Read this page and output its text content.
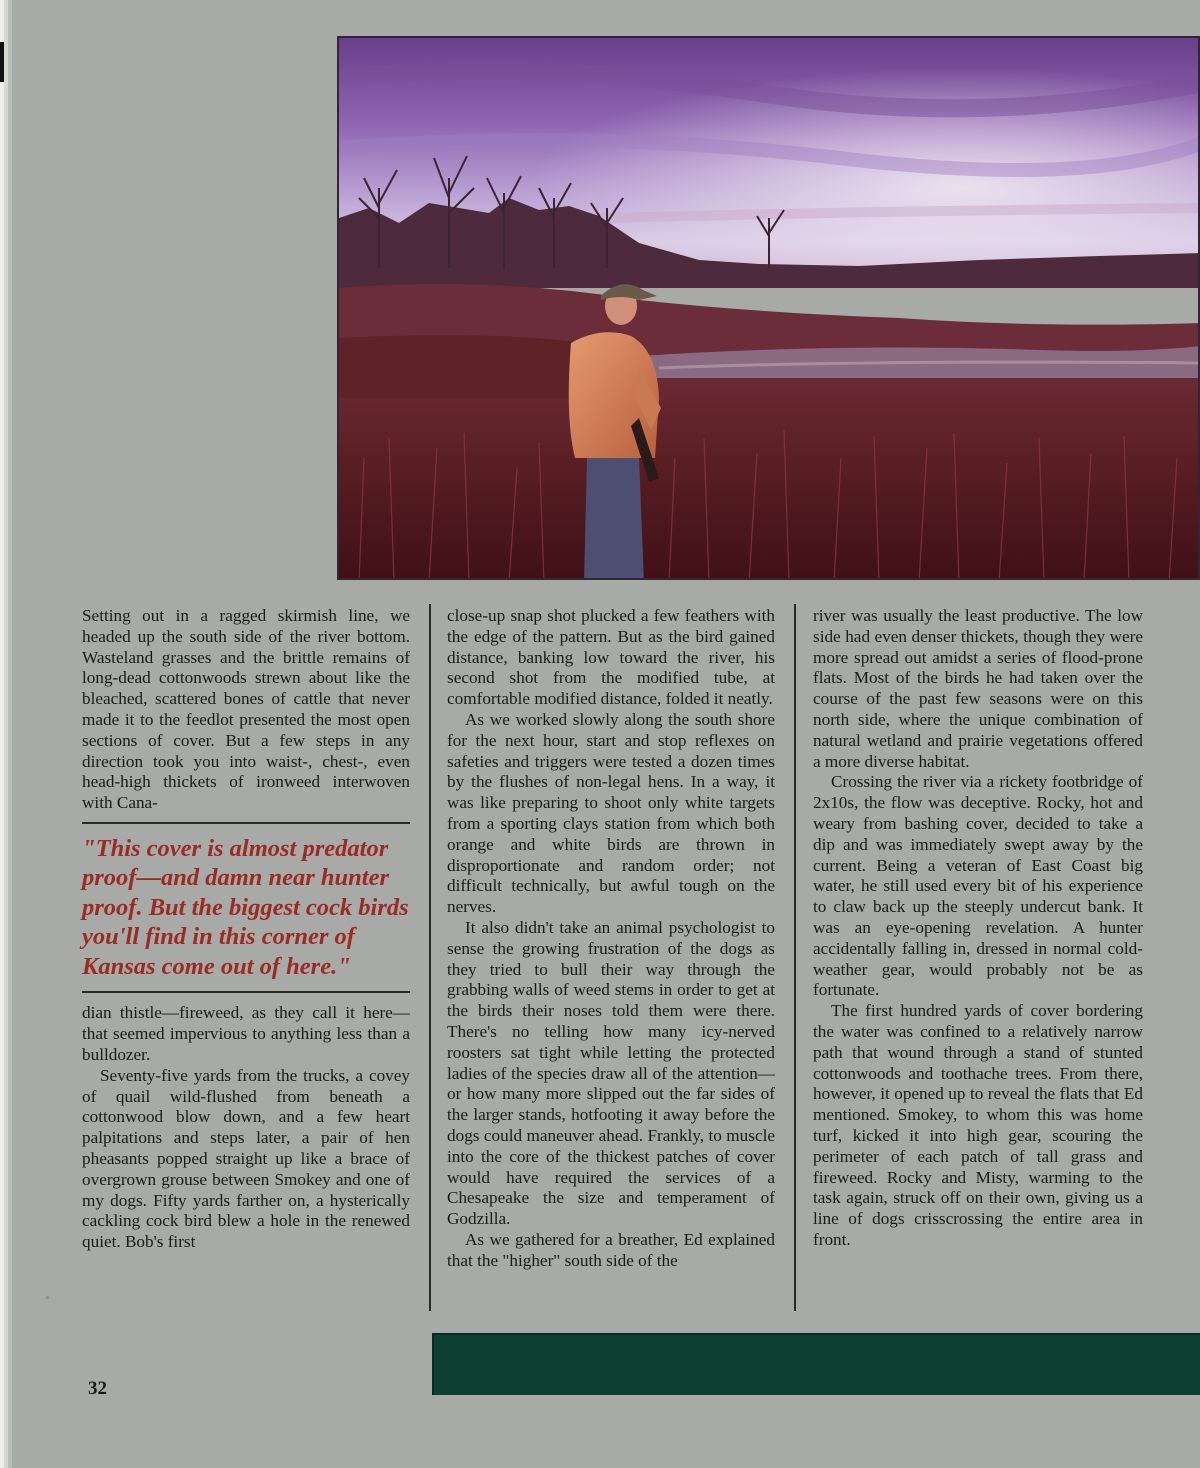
Setting out in a ragged skirmish line, we headed up the south side of the river bottom. Wasteland grasses and the brittle remains of long-dead cottonwoods strewn about like the bleached, scattered bones of cattle that never made it to the feedlot presented the most open sections of cover. But a few steps in any direction took you into waist-, chest-, even head-high thickets of ironweed interwoven with Cana-

"This cover is almost predator proof—and damn near hunter proof. But the biggest cock birds you'll find in this corner of Kansas come out of here."

dian thistle—fireweed, as they call it here—that seemed impervious to anything less than a bulldozer.

Seventy-five yards from the trucks, a covey of quail wild-flushed from beneath a cottonwood blow down, and a few heart palpitations and steps later, a pair of hen pheasants popped straight up like a brace of overgrown grouse between Smokey and one of my dogs. Fifty yards farther on, a hysterically cackling cock bird blew a hole in the renewed quiet. Bob's first

close-up snap shot plucked a few feathers with the edge of the pattern. But as the bird gained distance, banking low toward the river, his second shot from the modified tube, at comfortable modified distance, folded it neatly.

As we worked slowly along the south shore for the next hour, start and stop reflexes on safeties and triggers were tested a dozen times by the flushes of non-legal hens. In a way, it was like preparing to shoot only white targets from a sporting clays station from which both orange and white birds are thrown in disproportionate and random order; not difficult technically, but awful tough on the nerves.

It also didn't take an animal psychologist to sense the growing frustration of the dogs as they tried to bull their way through the grabbing walls of weed stems in order to get at the birds their noses told them were there. There's no telling how many icy-nerved roosters sat tight while letting the protected ladies of the species draw all of the attention—or how many more slipped out the far sides of the larger stands, hotfooting it away before the dogs could maneuver ahead. Frankly, to muscle into the core of the thickest patches of cover would have required the services of a Chesapeake the size and temperament of Godzilla.

As we gathered for a breather, Ed explained that the "higher" south side of the

river was usually the least productive. The low side had even denser thickets, though they were more spread out amidst a series of flood-prone flats. Most of the birds he had taken over the course of the past few seasons were on this north side, where the unique combination of natural wetland and prairie vegetations offered a more diverse habitat.

Crossing the river via a rickety footbridge of 2x10s, the flow was deceptive. Rocky, hot and weary from bashing cover, decided to take a dip and was immediately swept away by the current. Being a veteran of East Coast big water, he still used every bit of his experience to claw back up the steeply undercut bank. It was an eye-opening revelation. A hunter accidentally falling in, dressed in normal cold-weather gear, would probably not be as fortunate.

The first hundred yards of cover bordering the water was confined to a relatively narrow path that wound through a stand of stunted cottonwoods and toothache trees. From there, however, it opened up to reveal the flats that Ed mentioned. Smokey, to whom this was home turf, kicked it into high gear, scouring the perimeter of each patch of tall grass and fireweed. Rocky and Misty, warming to the task again, struck off on their own, giving us a line of dogs crisscrossing the entire area in front.

32
